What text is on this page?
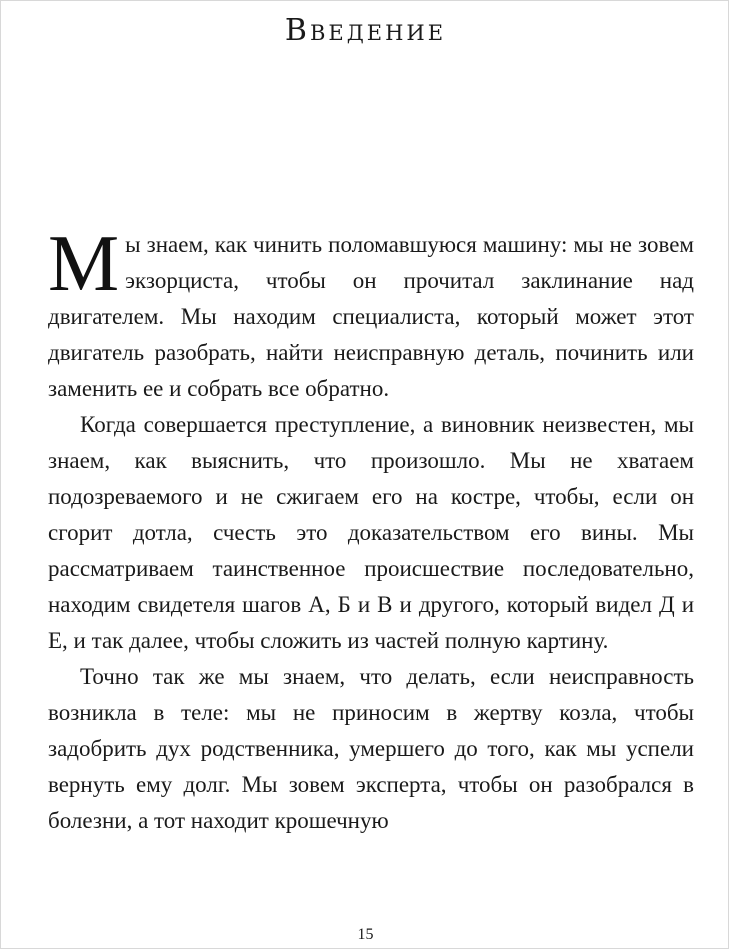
Введение

Мы знаем, как чинить поломавшуюся машину: мы не зовем экзорциста, чтобы он прочитал заклинание над двигателем. Мы находим специалиста, который может этот двигатель разобрать, найти неисправную деталь, починить или заменить ее и собрать все обратно.

Когда совершается преступление, а виновник неизвестен, мы знаем, как выяснить, что произошло. Мы не хватаем подозреваемого и не сжигаем его на костре, чтобы, если он сгорит дотла, счесть это доказательством его вины. Мы рассматриваем таинственное происшествие последовательно, находим свидетеля шагов А, Б и В и другого, который видел Д и Е, и так далее, чтобы сложить из частей полную картину.

Точно так же мы знаем, что делать, если неисправность возникла в теле: мы не приносим в жертву козла, чтобы задобрить дух родственника, умершего до того, как мы успели вернуть ему долг. Мы зовем эксперта, чтобы он разобрался в болезни, а тот находит крошечную

15
